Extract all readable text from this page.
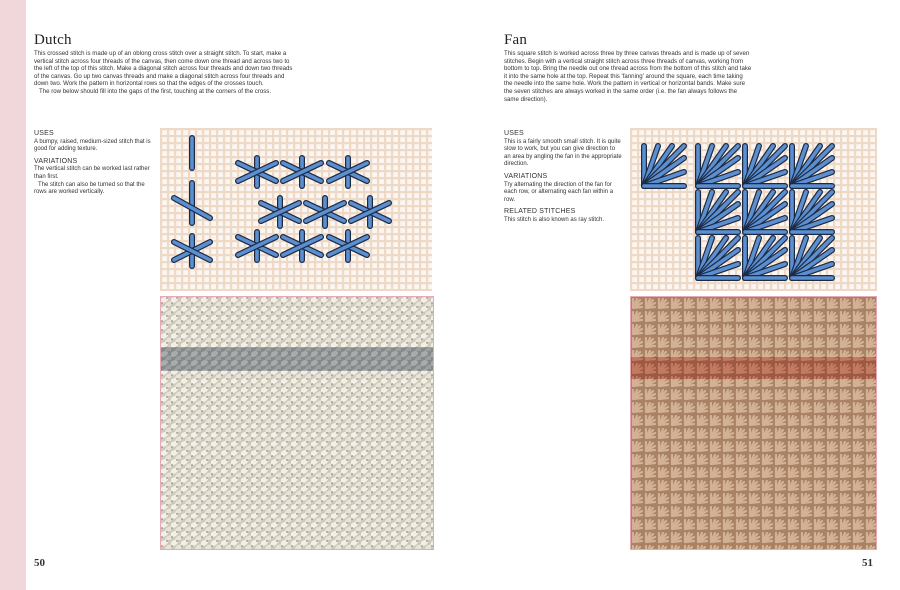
Dutch

This crossed stitch is made up of an oblong cross stitch over a straight stitch. To start, make a vertical stitch across four threads of the canvas, then come down one thread and across two to the left of the top of this stitch. Make a diagonal stitch across four threads and down two threads of the canvas. Go up two canvas threads and make a diagonal stitch across four threads and down two. Work the pattern in horizontal rows so that the edges of the crosses touch.

The row below should fill into the gaps of the first, touching at the corners of the cross.

USES

A bumpy, raised, medium-sized stitch that is good for adding texture.

VARIATIONS

The vertical stitch can be worked last rather than first.

The stitch can also be turned so that the rows are worked vertically.

50
Fan

This square stitch is worked across three by three canvas threads and is made up of seven stitches. Begin with a vertical straight stitch across three threads of canvas, working from bottom to top. Bring the needle out one thread across from the bottom of this stitch and take it into the same hole at the top. Repeat this 'fanning' around the square, each time taking the needle into the same hole. Work the pattern in vertical or horizontal bands. Make sure the seven stitches are always worked in the same order (i.e. the fan always follows the same direction).

USES

This is a fairly smooth small stitch. It is quite slow to work, but you can give direction to an area by angling the fan in the appropriate direction.

VARIATIONS

Try alternating the direction of the fan for each row, or alternating each fan within a row.

RELATED STITCHES

This stitch is also known as ray stitch.

51
